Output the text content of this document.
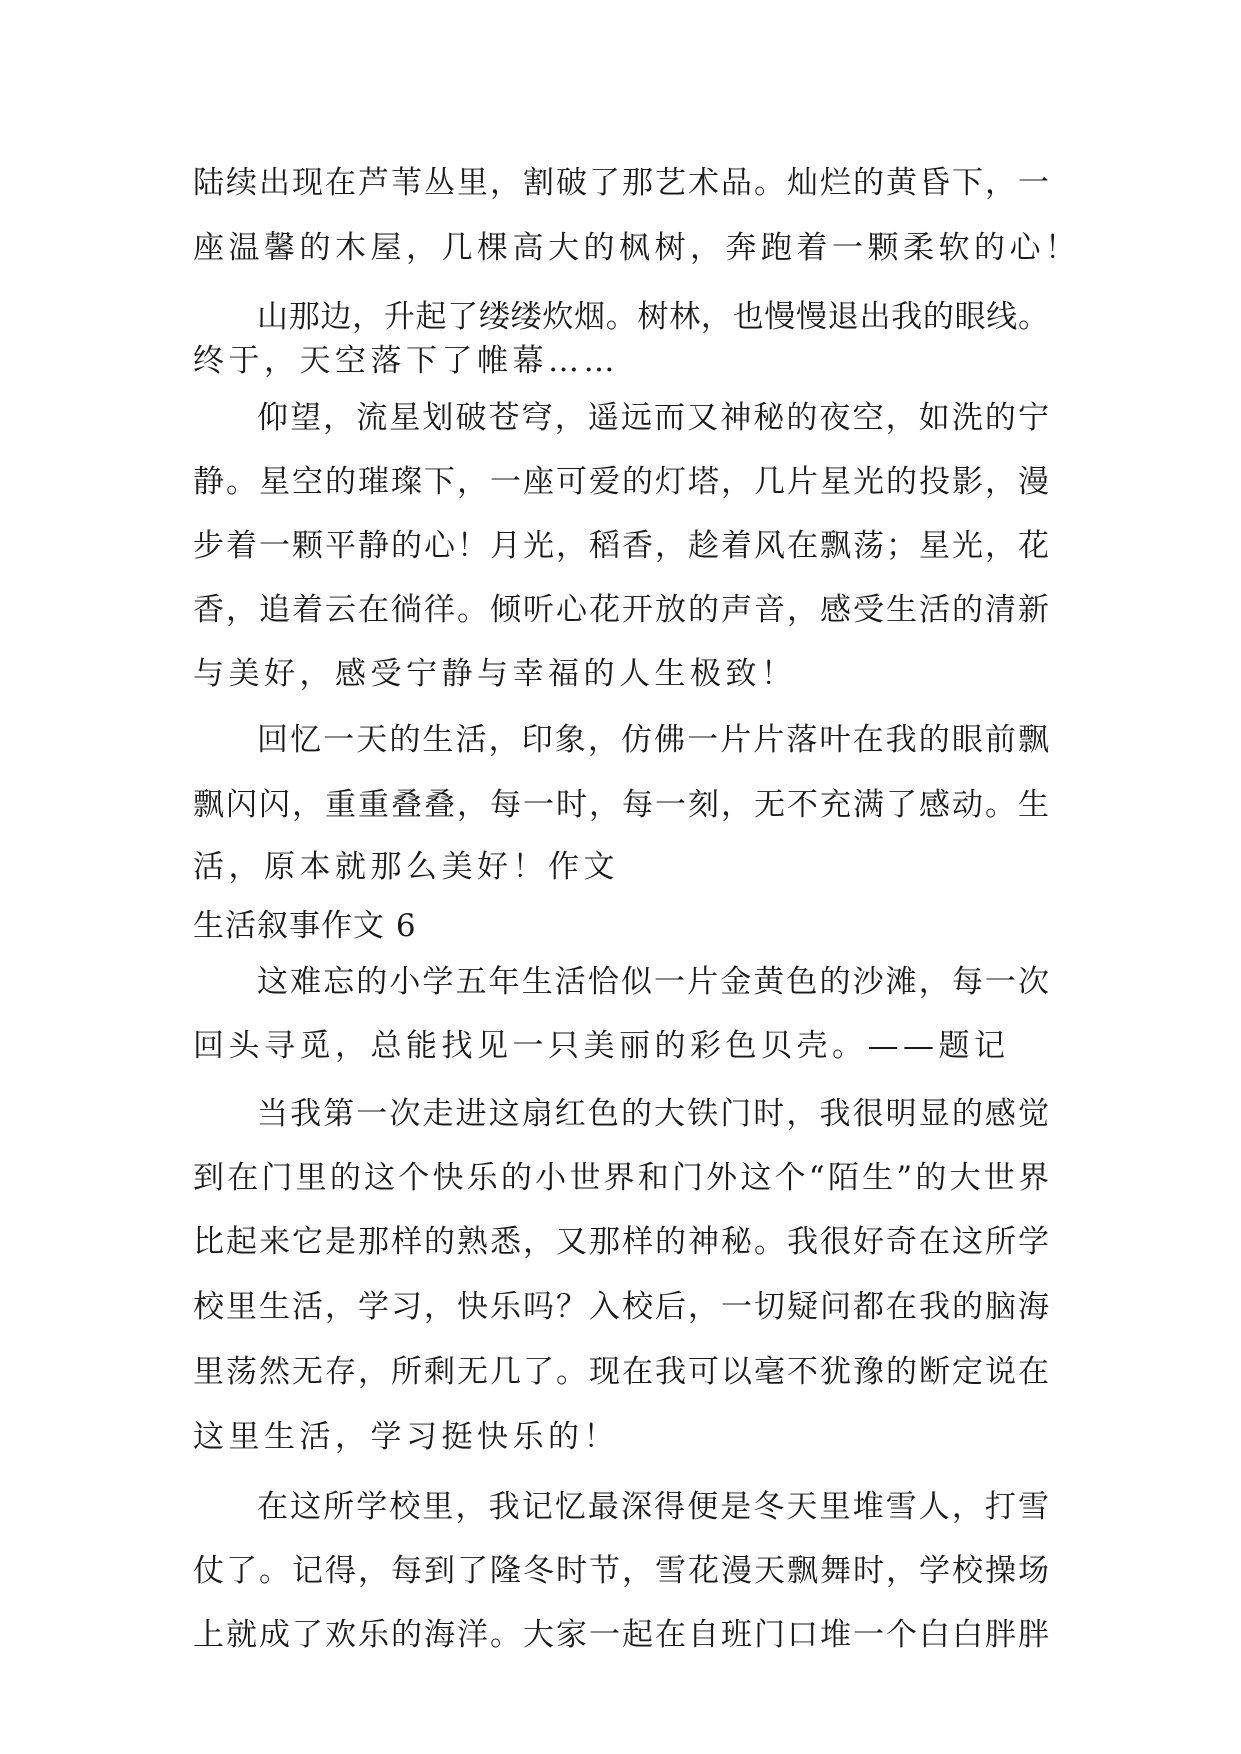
陆续出现在芦苇丛里，割破了那艺术品。灿烂的黄昏下，一
座温馨的木屋，几棵高大的枫树，奔跑着一颗柔软的心！
山那边，升起了缕缕炊烟。树林，也慢慢退出我的眼线。
终于，天空落下了帷幕……
仰望，流星划破苍穹，遥远而又神秘的夜空，如洗的宁
静。星空的璀璨下，一座可爱的灯塔，几片星光的投影，漫
步着一颗平静的心！月光，稻香，趁着风在飘荡；星光，花
香，追着云在徜徉。倾听心花开放的声音，感受生活的清新
与美好，感受宁静与幸福的人生极致！
回忆一天的生活，印象，仿佛一片片落叶在我的眼前飘
飘闪闪，重重叠叠，每一时，每一刻，无不充满了感动。生
活，原本就那么美好！作文
生活叙事作文 6
这难忘的小学五年生活恰似一片金黄色的沙滩，每一次
回头寻觅，总能找见一只美丽的彩色贝壳。——题记
当我第一次走进这扇红色的大铁门时，我很明显的感觉
到在门里的这个快乐的小世界和门外这个“陌生”的大世界
比起来它是那样的熟悉，又那样的神秘。我很好奇在这所学
校里生活，学习，快乐吗？入校后，一切疑问都在我的脑海
里荡然无存，所剩无几了。现在我可以毫不犹豫的断定说在
这里生活，学习挺快乐的！
在这所学校里，我记忆最深得便是冬天里堆雪人，打雪
仗了。记得，每到了隆冬时节，雪花漫天飘舞时，学校操场
上就成了欢乐的海洋。大家一起在自班门口堆一个白白胖胖
